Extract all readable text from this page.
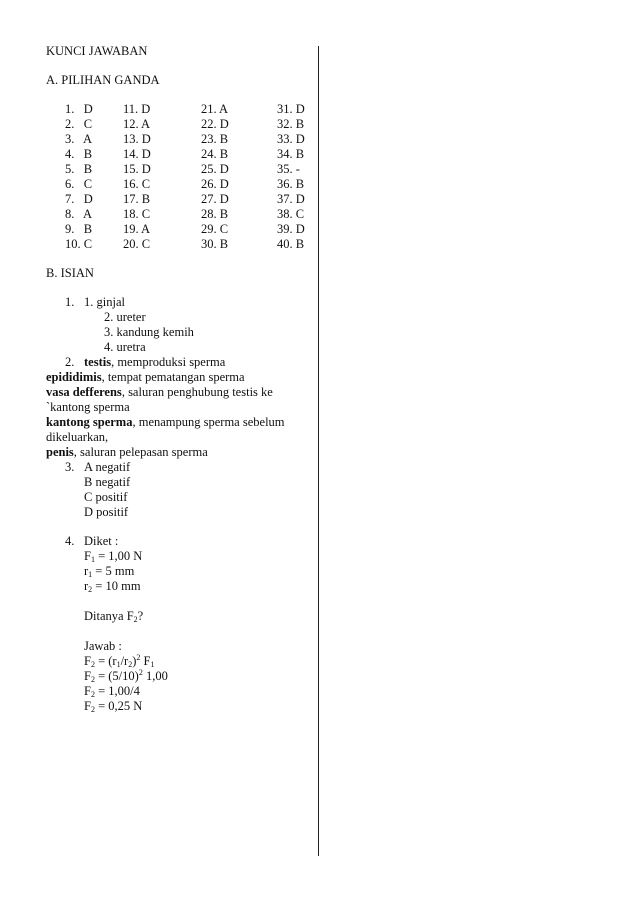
KUNCI JAWABAN
A. PILIHAN GANDA
1.   D	11. D	21. A	31. D
2.   C	12. A	22. D	32. B
3.   A	13. D	23. B	33. D
4.   B	14. D	24. B	34. B
5.   B	15. D	25. D	35. -
6.   C	16. C	26. D	36. B
7.   D	17. B	27. D	37. D
8.   A	18. C	28. B	38. C
9.   B	19. A	29. C	39. D
10. C	20. C	30. B	40. B
B. ISIAN
1. 1. ginjal
2. ureter
3. kandung kemih
4. uretra
2. testis, memproduksi sperma
epididimis, tempat pematangan sperma
vasa defferens, saluran penghubung testis ke
`kantong sperma
kantong sperma, menampung sperma sebelum
dikeluarkan,
penis, saluran pelepasan sperma
3. A negatif
B negatif
C positif
D positif
4. Diket :
$F_1 = 1,00$ N
$r_1 = 5$ mm
$r_2 = 10$ mm
Ditanya $F_2$?
Jawab :
$F_2 = (r_1/r_2)^2$ $F_1$
$F_2 = (5/10)^2$ 1,00
$F_2 = 1,00/4$
$F_2 = 0,25$ N
